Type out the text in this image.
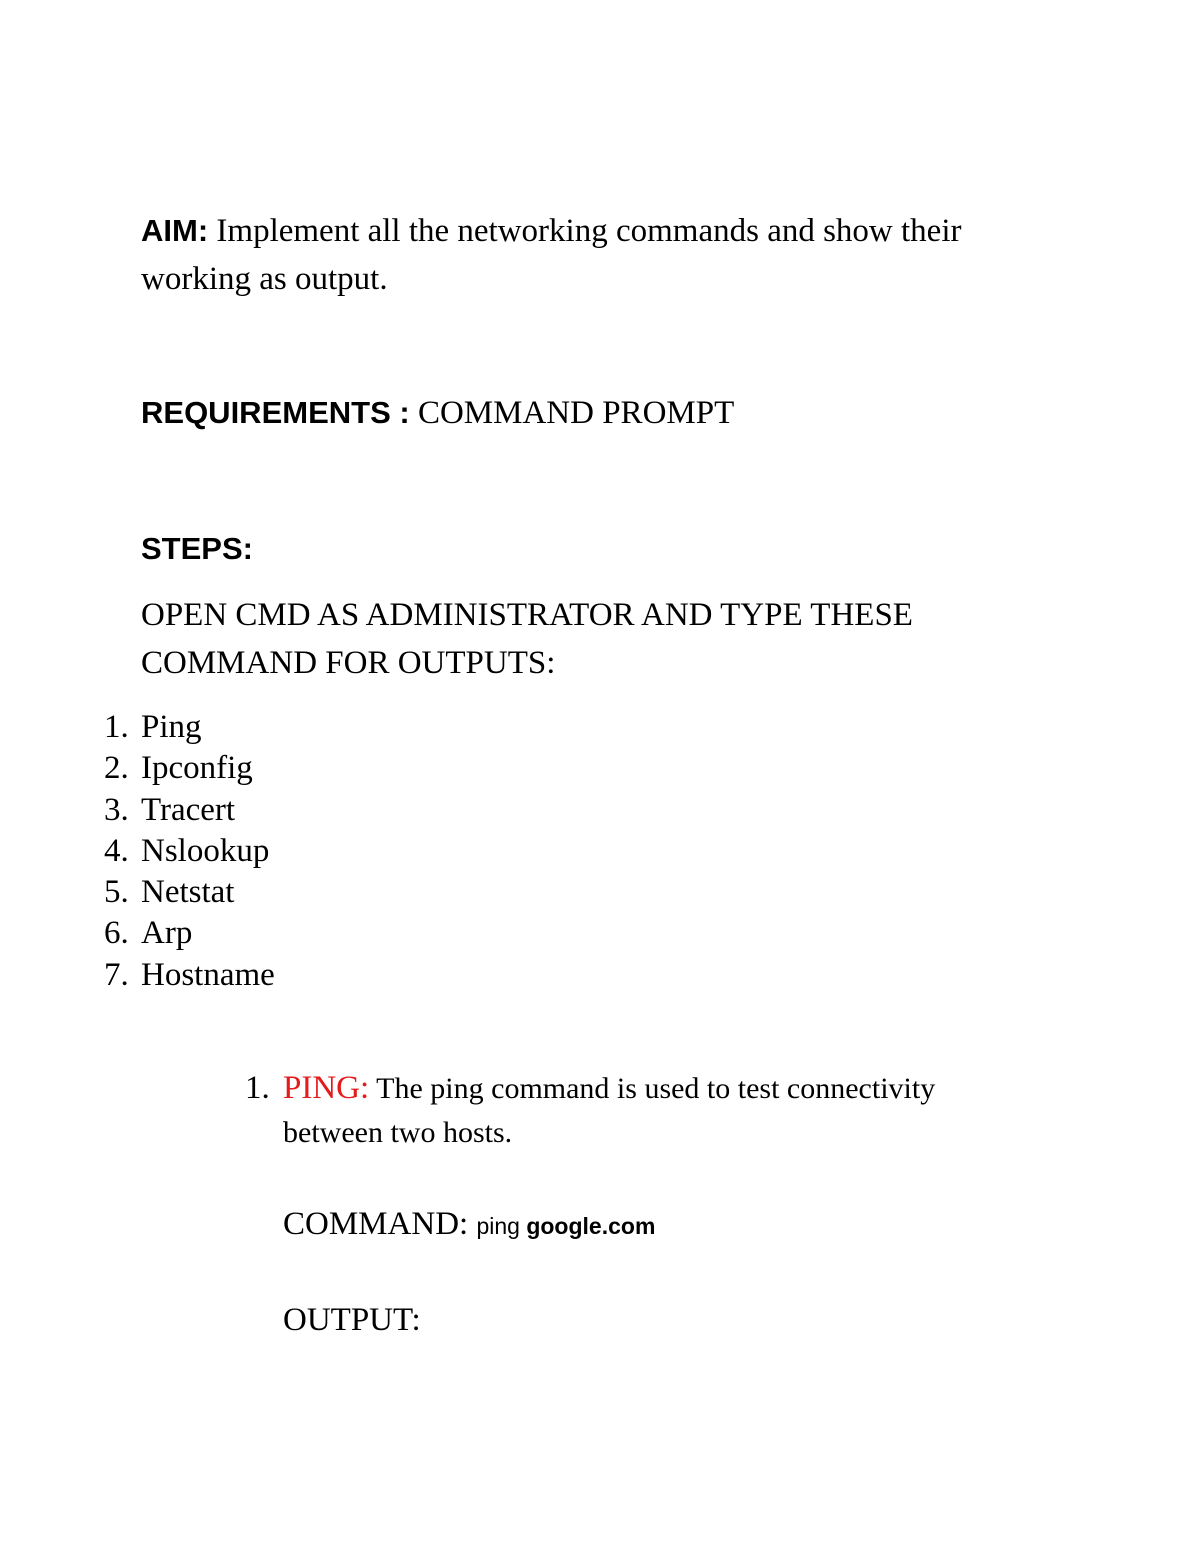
AIM: Implement all the networking commands and show their working as output.
REQUIREMENTS : COMMAND PROMPT
STEPS:
OPEN CMD AS ADMINISTRATOR AND TYPE THESE COMMAND FOR OUTPUTS:
1. Ping
2. Ipconfig
3. Tracert
4. Nslookup
5. Netstat
6. Arp
7. Hostname
1. PING: The ping command is used to test connectivity
between two hosts.
COMMAND: ping google.com
OUTPUT:
